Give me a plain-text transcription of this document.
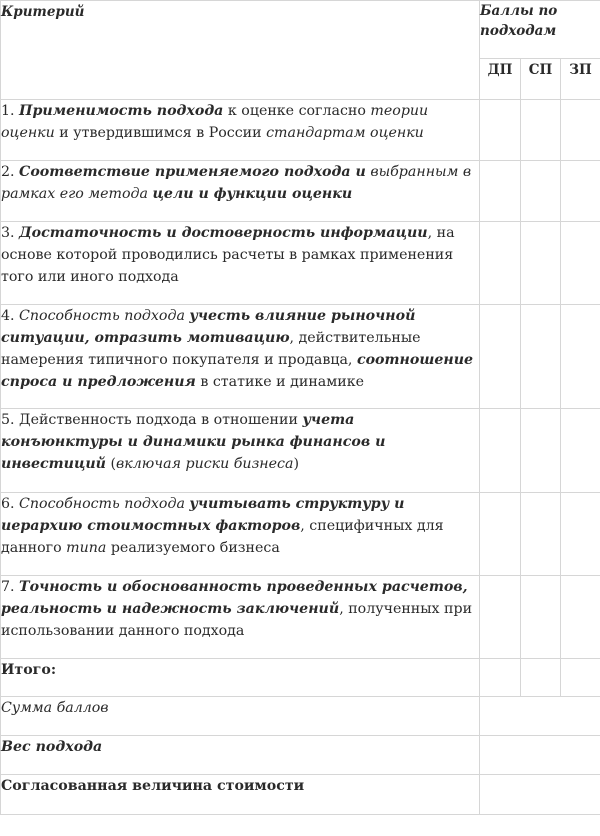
Критерий	Баллы по
подходам		
	ДП	СП	ЗП
1. Применимость подхода к оценке согласно теории оценки и утвердившимся в России стандартам оценки			
2. Соответствие применяемого подхода и выбранным в рамках его метода цели и функции оценки			
3. Достаточность и достоверность информации, на основе которой проводились расчеты в рамках применения того или иного подхода			
4. Способность подхода учесть влияние рыночной ситуации, отразить мотивацию, действительные намерения типичного покупателя и продавца, соотношение спроса и предложения в статике и динамике			
5. Действенность подхода в отношении учета конъюнктуры и динамики рынка финансов и инвестиций (включая риски бизнеса)			
6. Способность подхода учитывать структуру и иерархию стоимостных факторов, специфичных для данного типа реализуемого бизнеса			
7. Точность и обоснованность проведенных расчетов, реальность и надежность заключений, полученных при использовании данного подхода			
Итого:			
Сумма баллов			
Вес подхода			
Согласованная величина стоимости			
